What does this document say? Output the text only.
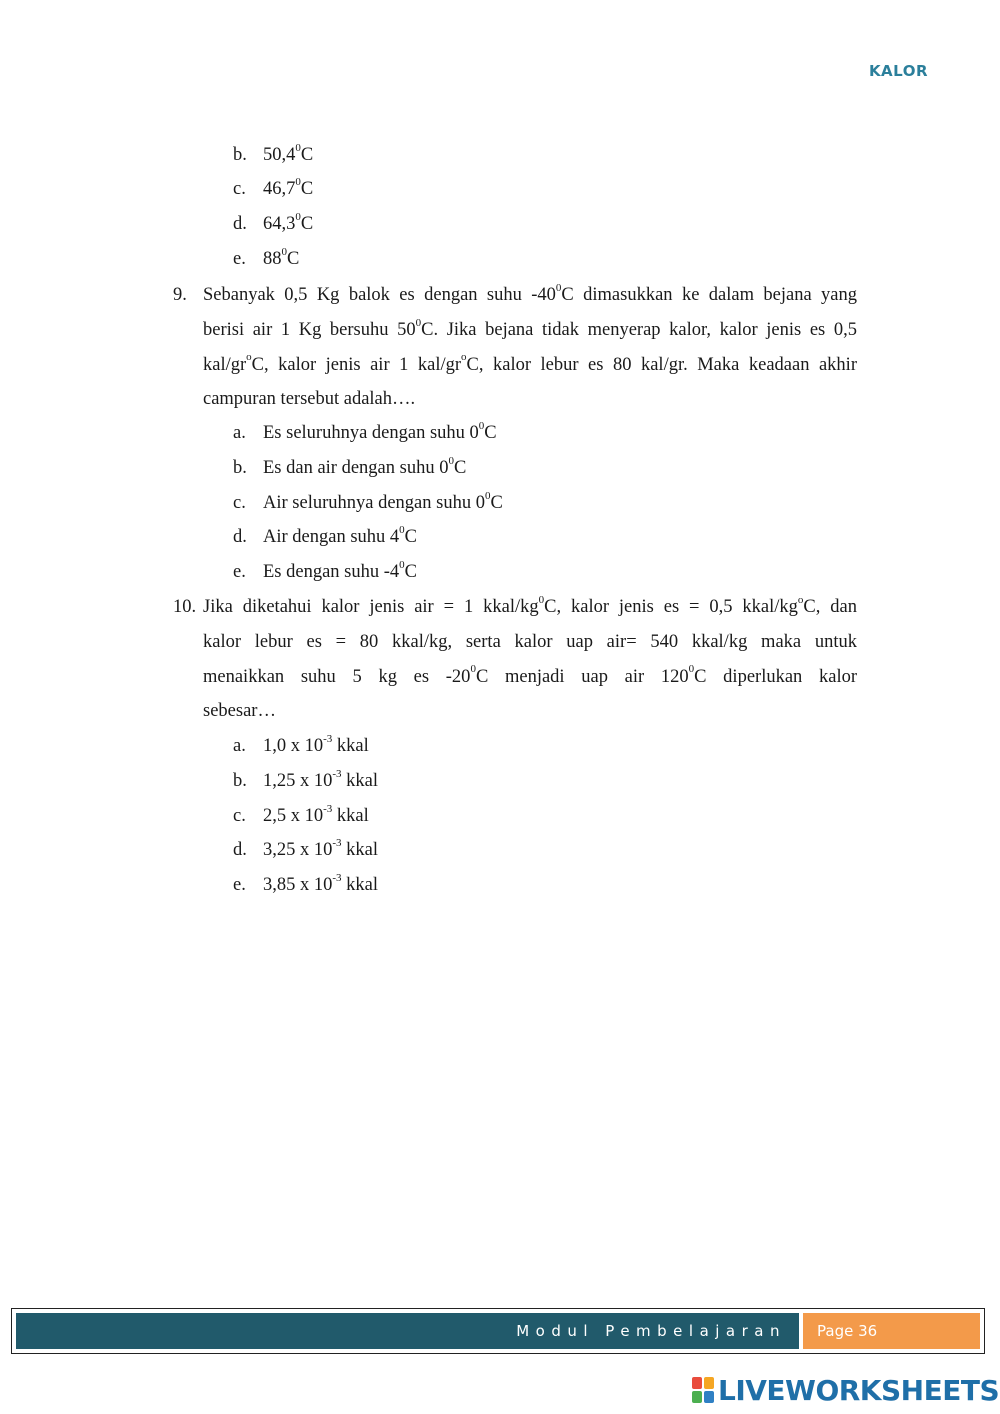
KALOR
b. 50,4$^0$C
c. 46,7$^0$C
d. 64,3$^0$C
e. $88^0C$
9. Sebanyak 0,5 Kg balok es dengan suhu $-40^0C$ dimasukkan ke dalam bejana yang
berisi air 1 Kg bersuhu $50^0C$. Jika bejana tidak menyerap kalor, kalor jenis es 0,5
kal/$gr^oC$, kalor jenis air 1 kal/$gr^oC$, kalor lebur es 80 kal/gr. Maka keadaan akhir
campuran tersebut adalah….
a. Es seluruhnya dengan suhu $0^0C$
b. Es dan air dengan suhu $0^0C$
c. Air seluruhnya dengan suhu $0^0C$
d. Air dengan suhu $4^0C$
e. Es dengan suhu $-4^0C$
10. Jika diketahui kalor jenis air = 1 kkal/$kg^0C$, kalor jenis es = 0,5 kkal/$kg^oC$, dan
kalor lebur es = 80 kkal/kg, serta kalor uap air= 540 kkal/kg maka untuk
menaikkan suhu 5 kg es $-20^0C$ menjadi uap air $120^0C$ diperlukan kalor
sebesar…
a. 1,0 x $10^{-3}$ kkal
b. 1,25 x $10^{-3}$ kkal
c. 2,5 x $10^{-3}$ kkal
d. 3,25 x $10^{-3}$ kkal
e. 3,85 x $10^{-3}$ kkal
Modul Pembelajaran	Page 36
LIVEWORKSHEETS
